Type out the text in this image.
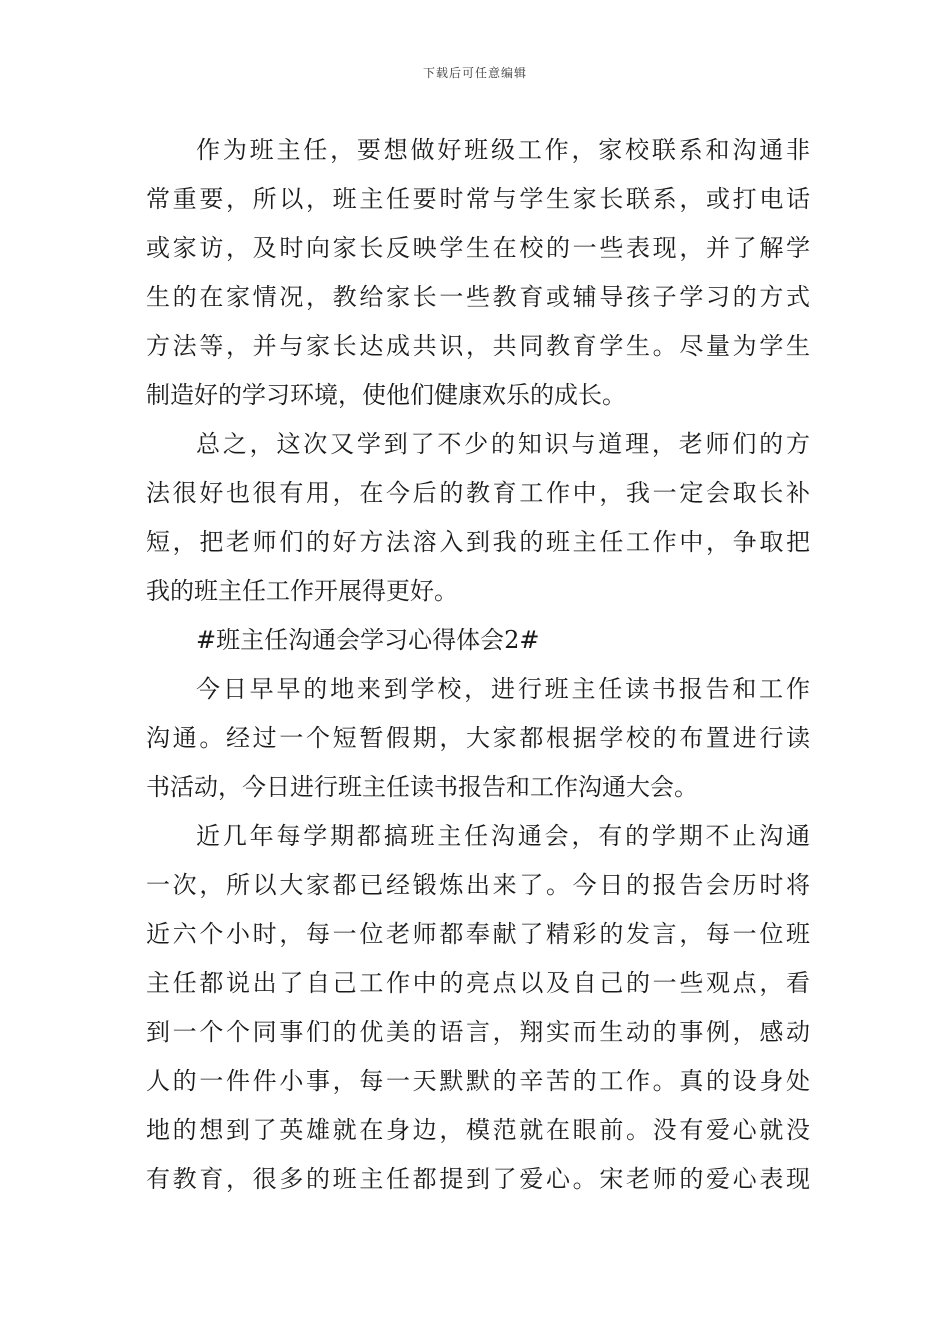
下载后可任意编辑
作为班主任，要想做好班级工作，家校联系和沟通非
常重要，所以，班主任要时常与学生家长联系，或打电话
或家访，及时向家长反映学生在校的一些表现，并了解学
生的在家情况，教给家长一些教育或辅导孩子学习的方式
方法等，并与家长达成共识，共同教育学生。尽量为学生
制造好的学习环境，使他们健康欢乐的成长。
总之，这次又学到了不少的知识与道理，老师们的方
法很好也很有用，在今后的教育工作中，我一定会取长补
短，把老师们的好方法溶入到我的班主任工作中，争取把
我的班主任工作开展得更好。
#班主任沟通会学习心得体会2#
今日早早的地来到学校，进行班主任读书报告和工作
沟通。经过一个短暂假期，大家都根据学校的布置进行读
书活动，今日进行班主任读书报告和工作沟通大会。
近几年每学期都搞班主任沟通会，有的学期不止沟通
一次，所以大家都已经锻炼出来了。今日的报告会历时将
近六个小时，每一位老师都奉献了精彩的发言，每一位班
主任都说出了自己工作中的亮点以及自己的一些观点，看
到一个个同事们的优美的语言，翔实而生动的事例，感动
人的一件件小事，每一天默默的辛苦的工作。真的设身处
地的想到了英雄就在身边，模范就在眼前。没有爱心就没
有教育，很多的班主任都提到了爱心。宋老师的爱心表现
